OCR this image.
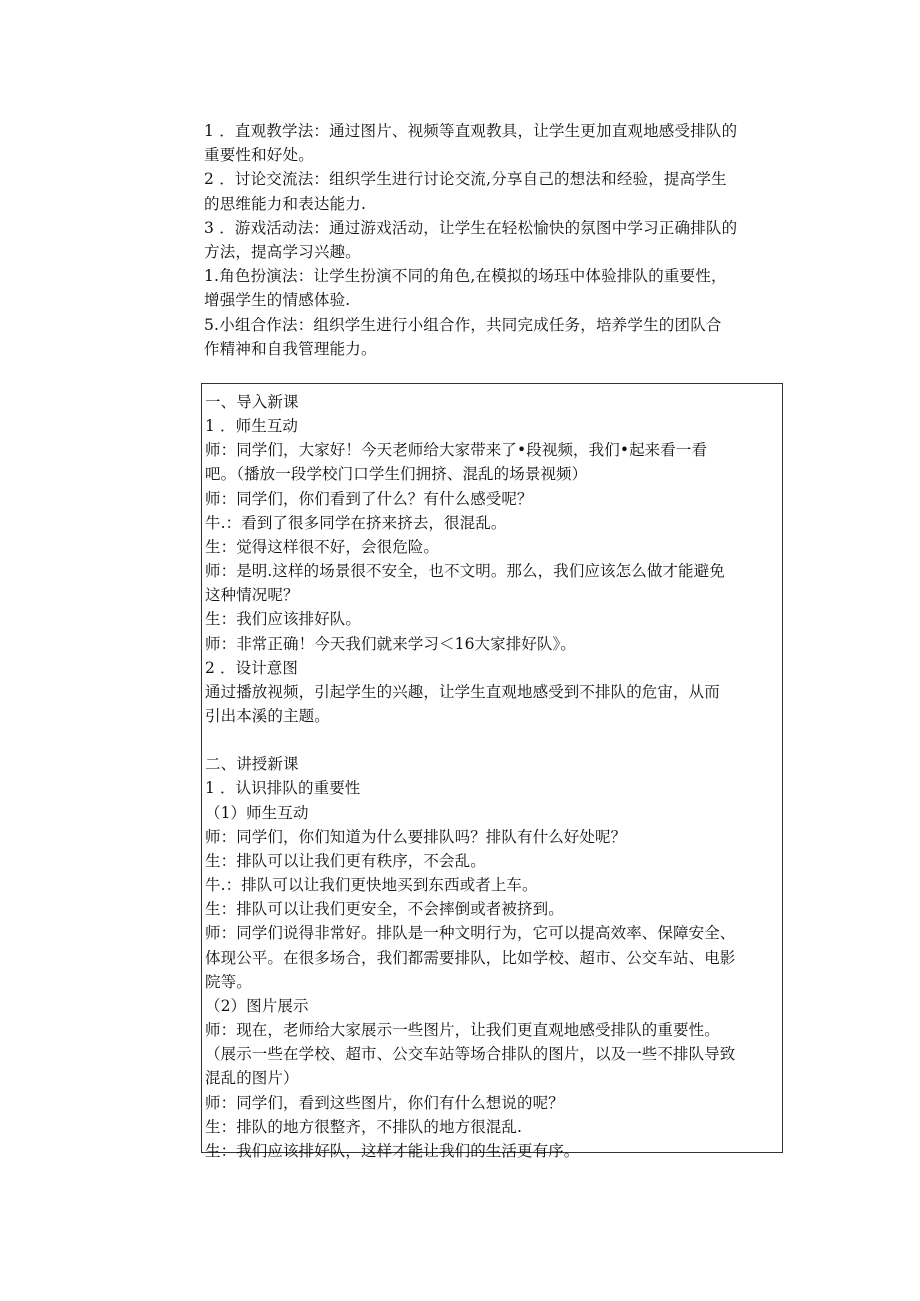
1 ．直观教学法：通过图片、视频等直观教具，让学生更加直观地感受排队的
重要性和好处。
2 ．讨论交流法：组织学生进行讨论交流,分享自己的想法和经验，提高学生
的思维能力和表达能力.
3 ．游戏活动法：通过游戏活动，让学生在轻松愉快的氛图中学习正确排队的
方法，提高学习兴趣。
1.角色扮演法：让学生扮演不同的角色,在模拟的场珏中体验排队的重要性，
增强学生的情感体验.
5.小组合作法：组织学生进行小组合作，共同完成任务，培养学生的团队合
作精神和自我管理能力。
一、导入新课
1 ．师生互动
师：同学们，大家好！今天老师给大家带来了•段视频，我们•起来看一看
吧。（播放一段学校门口学生们拥挤、混乱的场景视频）
师：同学们，你们看到了什么？有什么感受呢？
牛.：看到了很多同学在挤来挤去，很混乱。
生：觉得这样很不好，会很危险。
师：是明.这样的场景很不安全，也不文明。那么，我们应该怎么做才能避免
这种情况呢？
生：我们应该排好队。
师：非常正确！今天我们就来学习＜16大家排好队》。
2 ．设计意图
通过播放视频，引起学生的兴趣，让学生直观地感受到不排队的危宙，从而
引出本溪的主题。
二、讲授新课
1 ．认识排队的重要性
（1）师生互动
师：同学们，你们知道为什么要排队吗？排队有什么好处呢？
生：排队可以让我们更有秩序，不会乱。
牛.：排队可以让我们更快地买到东西或者上车。
生：排队可以让我们更安全，不会摔倒或者被挤到。
师：同学们说得非常好。排队是一种文明行为，它可以提高效率、保障安全、
体现公平。在很多场合，我们都需要排队，比如学校、超市、公交车站、电影
院等。
（2）图片展示
师：现在，老师给大家展示一些图片，让我们更直观地感受排队的重要性。
（展示一些在学校、超市、公交车站等场合排队的图片，以及一些不排队导致
混乱的图片）
师：同学们，看到这些图片，你们有什么想说的呢？
生：排队的地方很整齐，不排队的地方很混乱.
生：我们应该排好队，这样才能让我们的生活更有序。
